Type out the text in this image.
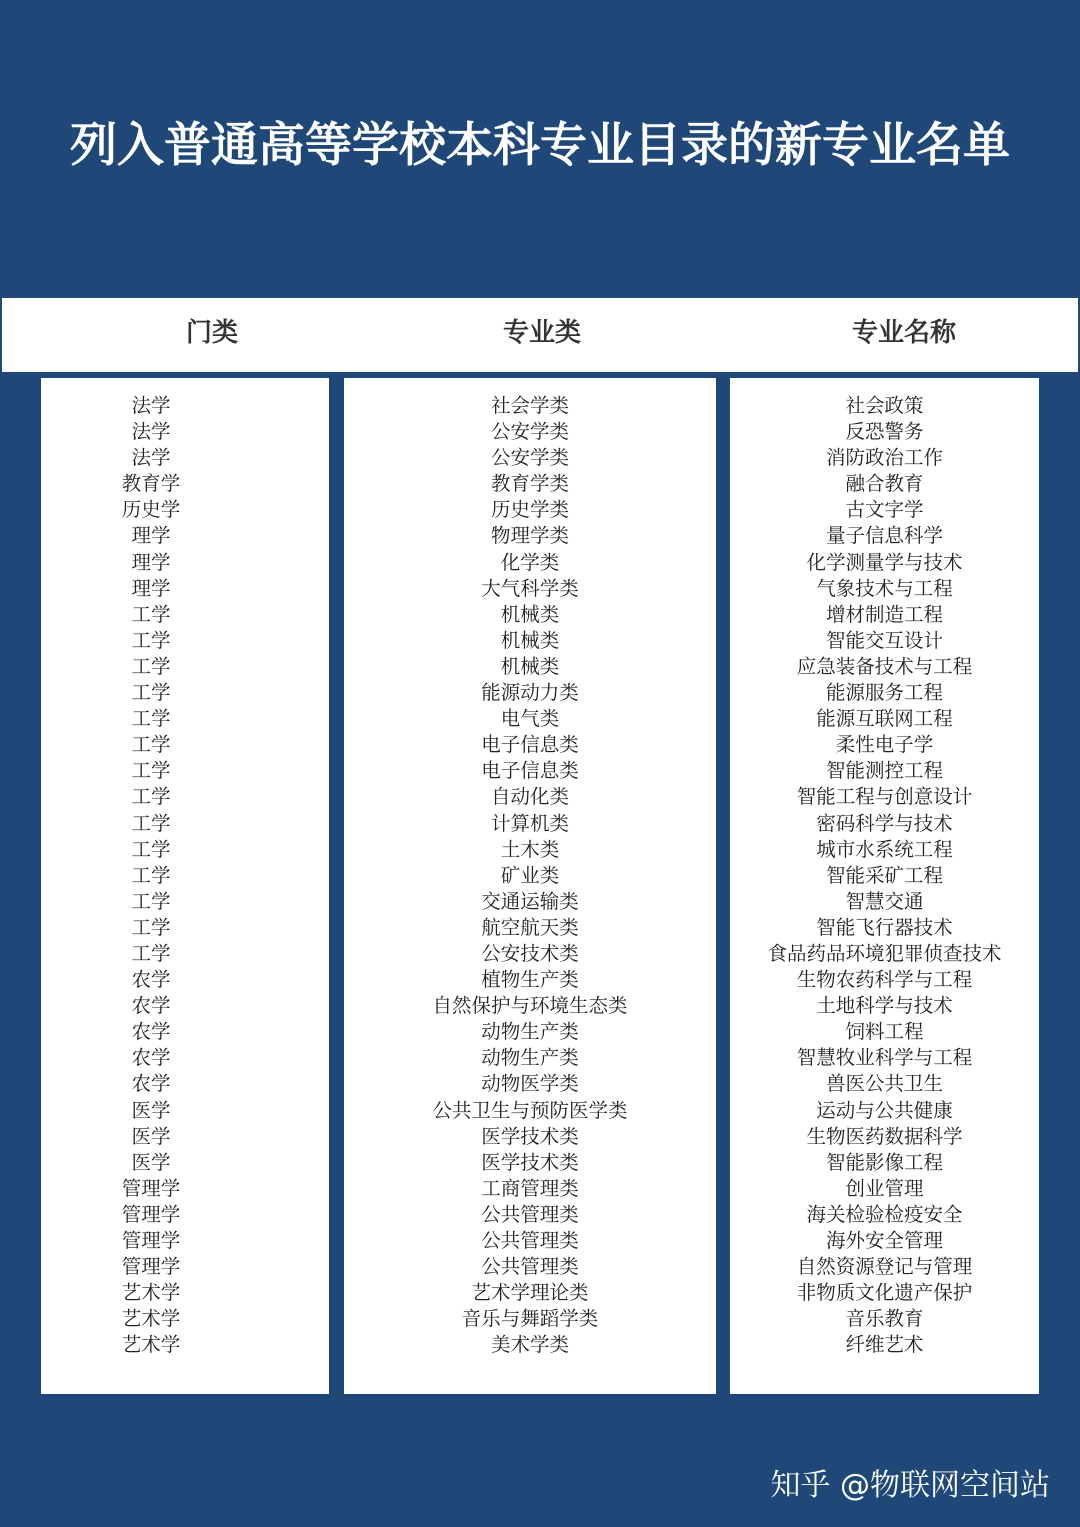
列入普通高等学校本科专业目录的新专业名单
门类	专业类	专业名称
法学
法学
法学
教育学
历史学
理学
理学
理学
工学
工学
工学
工学
工学
工学
工学
工学
工学
工学
工学
工学
工学
工学
农学
农学
农学
农学
农学
医学
医学
医学
管理学
管理学
管理学
管理学
艺术学
艺术学
艺术学
社会学类
公安学类
公安学类
教育学类
历史学类
物理学类
化学类
大气科学类
机械类
机械类
机械类
能源动力类
电气类
电子信息类
电子信息类
自动化类
计算机类
土木类
矿业类
交通运输类
航空航天类
公安技术类
植物生产类
自然保护与环境生态类
动物生产类
动物生产类
动物医学类
公共卫生与预防医学类
医学技术类
医学技术类
工商管理类
公共管理类
公共管理类
公共管理类
艺术学理论类
音乐与舞蹈学类
美术学类
社会政策
反恐警务
消防政治工作
融合教育
古文字学
量子信息科学
化学测量学与技术
气象技术与工程
增材制造工程
智能交互设计
应急装备技术与工程
能源服务工程
能源互联网工程
柔性电子学
智能测控工程
智能工程与创意设计
密码科学与技术
城市水系统工程
智能采矿工程
智慧交通
智能飞行器技术
食品药品环境犯罪侦查技术
生物农药科学与工程
土地科学与技术
饲料工程
智慧牧业科学与工程
兽医公共卫生
运动与公共健康
生物医药数据科学
智能影像工程
创业管理
海关检验检疫安全
海外安全管理
自然资源登记与管理
非物质文化遗产保护
音乐教育
纤维艺术
知乎 @物联网空间站
